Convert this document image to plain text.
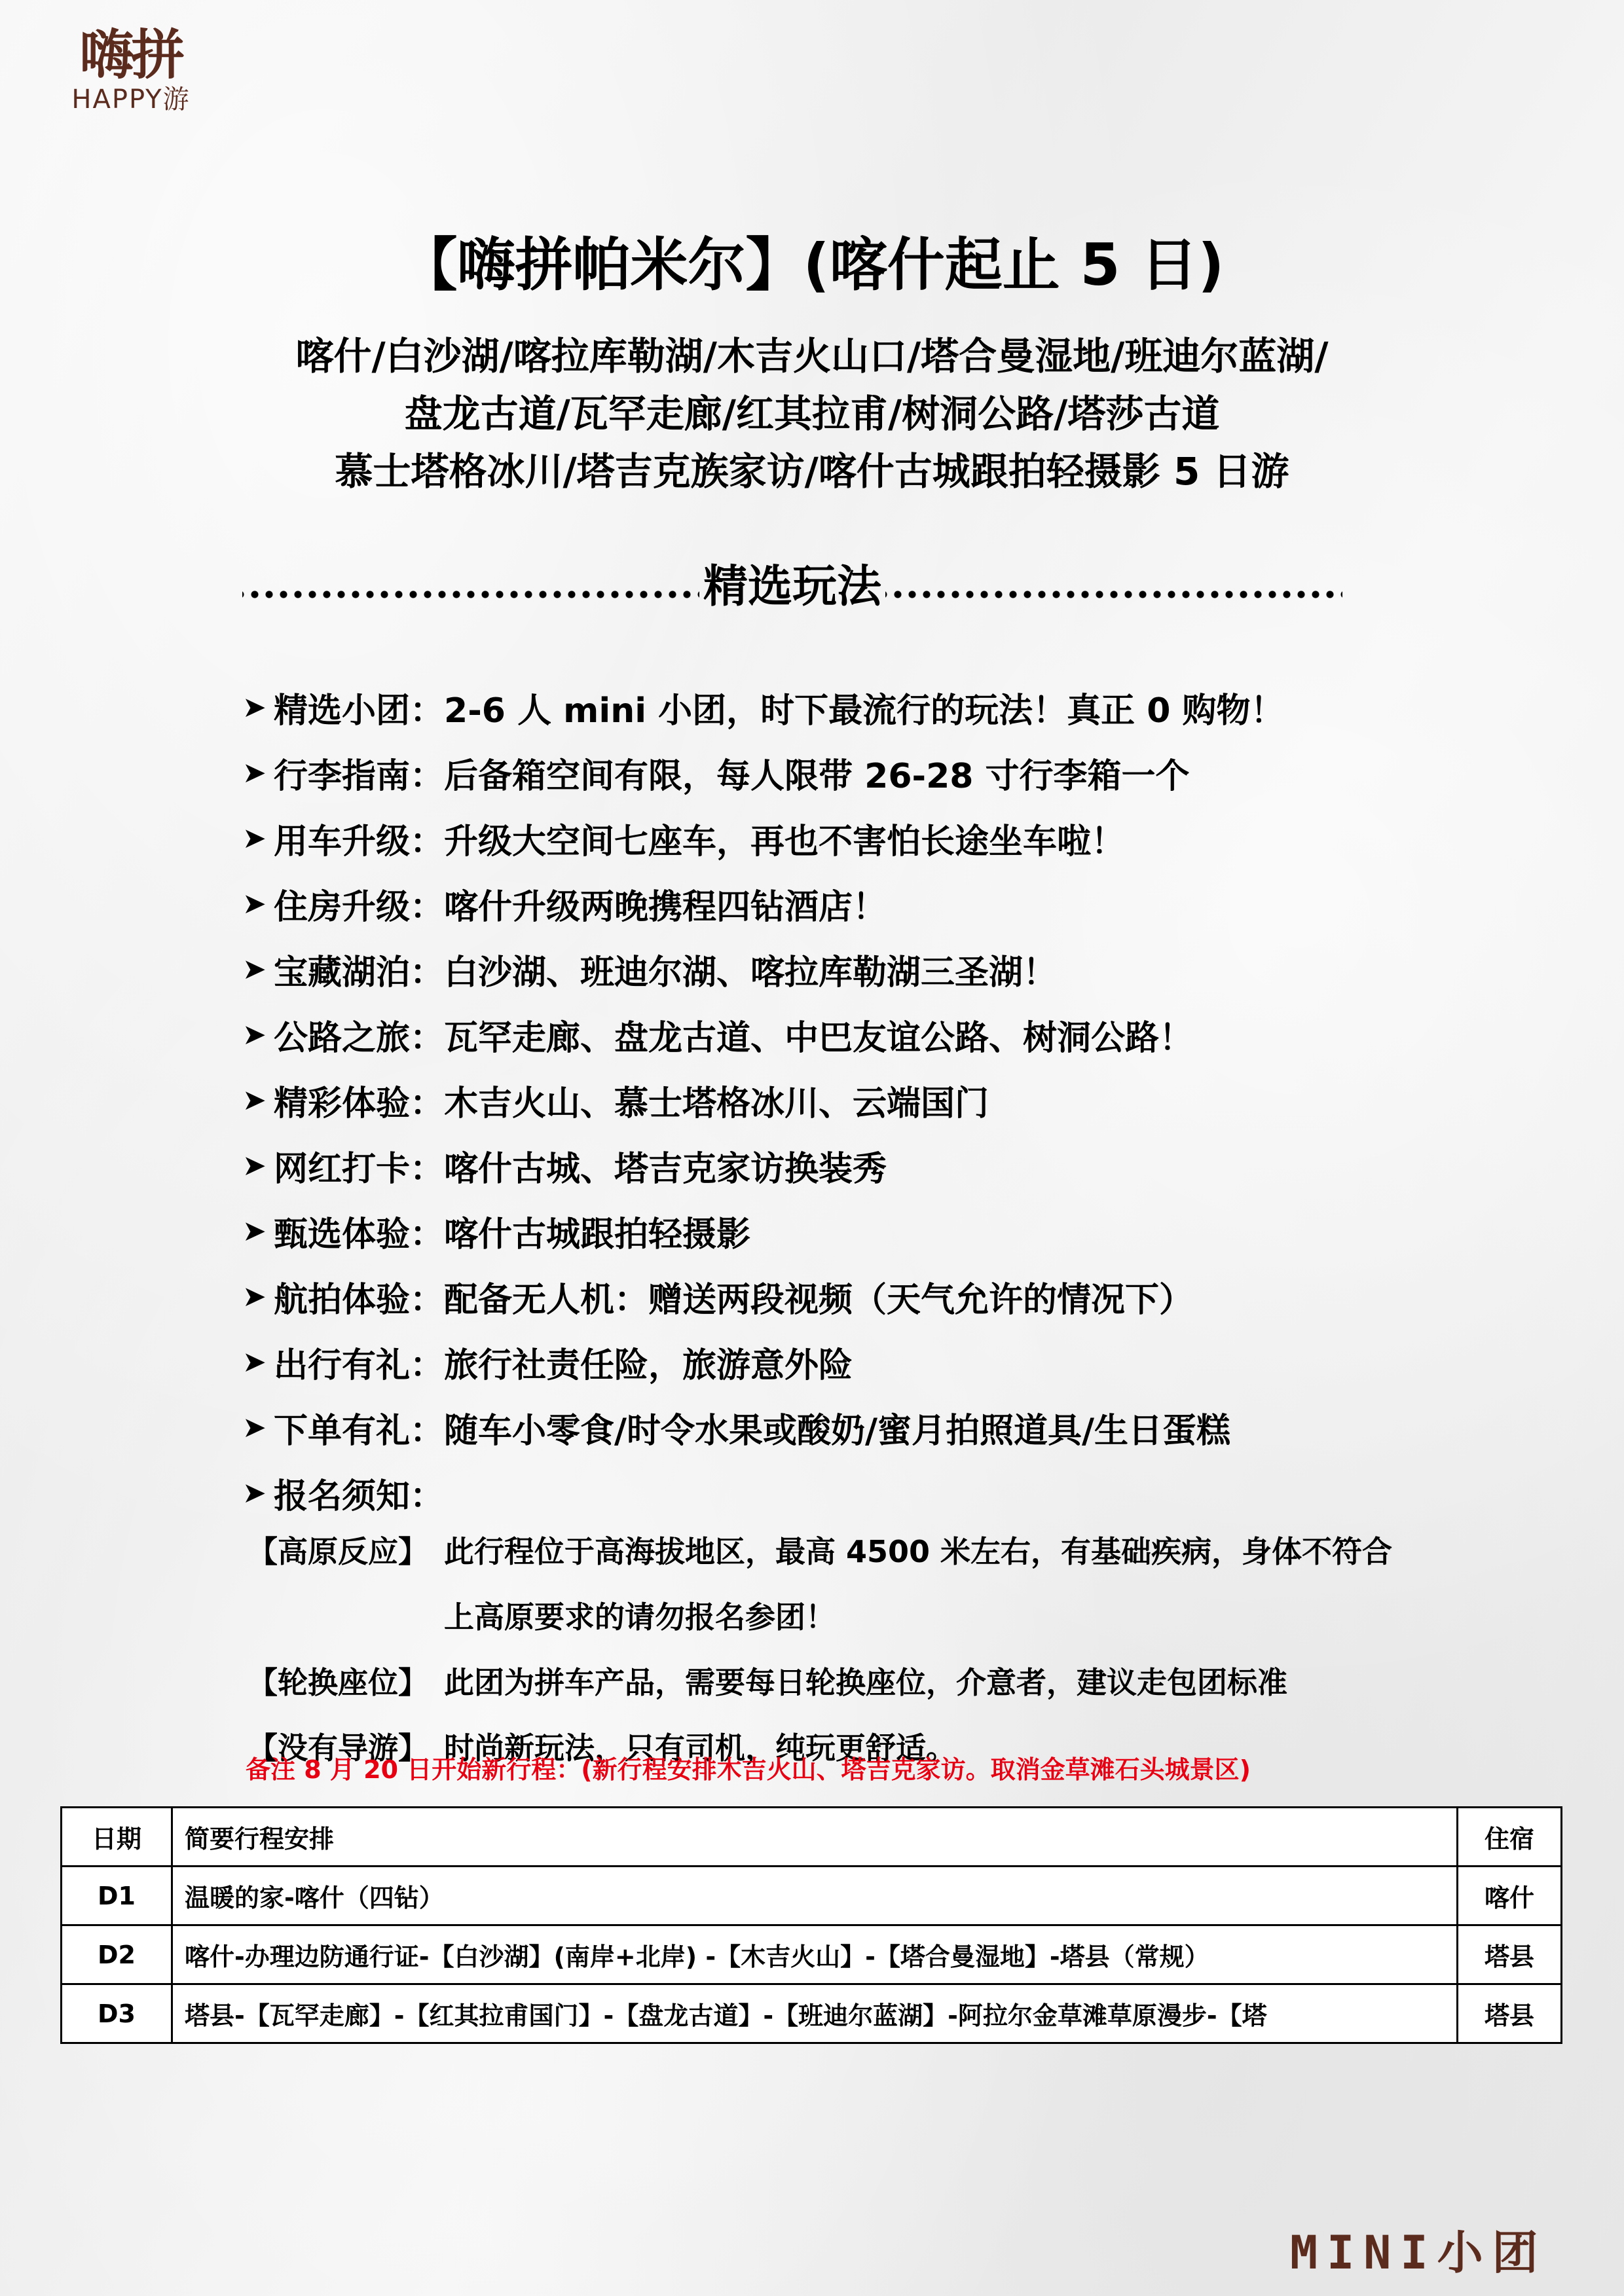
嗨拼
HAPPY游
【嗨拼帕米尔】(喀什起止 5 日)
喀什/白沙湖/喀拉库勒湖/木吉火山口/塔合曼湿地/班迪尔蓝湖/
盘龙古道/瓦罕走廊/红其拉甫/树洞公路/塔莎古道
慕士塔格冰川/塔吉克族家访/喀什古城跟拍轻摄影 5 日游
精选玩法
➤ 精选小团 ： 2-6 人 mini 小团，时下最流行的玩法！真正 0 购物！
➤ 行李指南 ： 后备箱空间有限，每人限带 26-28 寸行李箱一个
➤ 用车升级 ： 升级大空间七座车，再也不害怕长途坐车啦！
➤ 住房升级 ： 喀什升级两晚携程四钻酒店！
➤ 宝藏湖泊 ： 白沙湖、班迪尔湖、喀拉库勒湖三圣湖！
➤ 公路之旅 ： 瓦罕走廊、盘龙古道、中巴友谊公路、树洞公路！
➤ 精彩体验 ： 木吉火山、慕士塔格冰川、云端国门
➤ 网红打卡 ： 喀什古城、塔吉克家访换装秀
➤ 甄选体验 ： 喀什古城跟拍轻摄影
➤ 航拍体验 ： 配备无人机：赠送两段视频（天气允许的情况下）
➤ 出行有礼 ： 旅行社责任险，旅游意外险
➤ 下单有礼 ： 随车小零食/时令水果或酸奶/蜜月拍照道具/生日蛋糕
➤ 报名须知 ：
【高原反应】 此行程位于高海拔地区，最高 4500 米左右，有基础疾病，身体不符合上高原要求的请勿报名参团！
【轮换座位】 此团为拼车产品，需要每日轮换座位，介意者，建议走包团标准
【没有导游】 时尚新玩法，只有司机，纯玩更舒适。
备注 8 月 20 日开始新行程：(新行程安排木吉火山、塔吉克家访。取消金草滩石头城景区)
日期	简要行程安排	住宿
D1	温暖的家-喀什（四钻）	喀什
D2	喀什-办理边防通行证-【白沙湖】(南岸+北岸) -【木吉火山】-【塔合曼湿地】-塔县（常规）	塔县
D3	塔县-【瓦罕走廊】-【红其拉甫国门】-【盘龙古道】-【班迪尔蓝湖】-阿拉尔金草滩草原漫步-【塔	塔县
MINI小团
